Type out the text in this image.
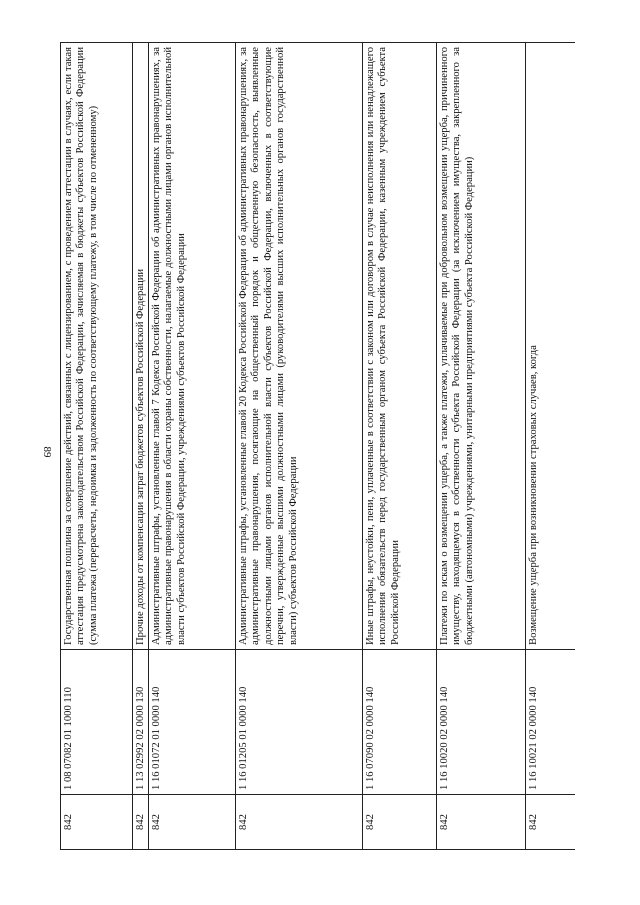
89
842
1 08 07082 01 1000 110
Государственная пошлина за совершение действий, связанных с лицензированием, с проведением аттестации в случаях, если такая аттестация предусмотрена законодательством Российской Федерации, зачисляемая в бюджеты субъектов Российской Федерации (сумма платежа (перерасчеты, недоимка и задолженность по соответствующему платежу, в том числе по отмененному)
842
1 13 02992 02 0000 130
Прочие доходы от компенсации затрат бюджетов субъектов Российской Федерации
842
1 16 01072 01 0000 140
Административные штрафы, установленные главой 7 Кодекса Российской Федерации об административных правонарушениях, за административные правонарушения в области охраны собственности, налагаемые должностными лицами органов исполнительной власти субъектов Российской Федерации, учреждениями субъектов Российской Федерации
842
1 16 01205 01 0000 140
Административные штрафы, установленные главой 20 Кодекса Российской Федерации об административных правонарушениях, за административные правонарушения, посягающие на общественный порядок и общественную безопасность, выявленные должностными лицами органов исполнительной власти субъектов Российской Федерации, включенных в соответствующие перечни, утвержденные высшими должностными лицами (руководителями высших исполнительных органов государственной власти) субъектов Российской Федерации
842
1 16 07090 02 0000 140
Иные штрафы, неустойки, пени, уплаченные в соответствии с законом или договором в случае неисполнения или ненадлежащего исполнения обязательств перед государственным органом субъекта Российской Федерации, казенным учреждением субъекта Российской Федерации
842
1 16 10020 02 0000 140
Платежи по искам о возмещении ущерба, а также платежи, уплачиваемые при добровольном возмещении ущерба, причиненного имуществу, находящемуся в собственности субъекта Российской Федерации (за исключением имущества, закрепленного за бюджетными (автономными) учреждениями, унитарными предприятиями субъекта Российской Федерации)
842
1 16 10021 02 0000 140
Возмещение ущерба при возникновении страховых случаев, когда
